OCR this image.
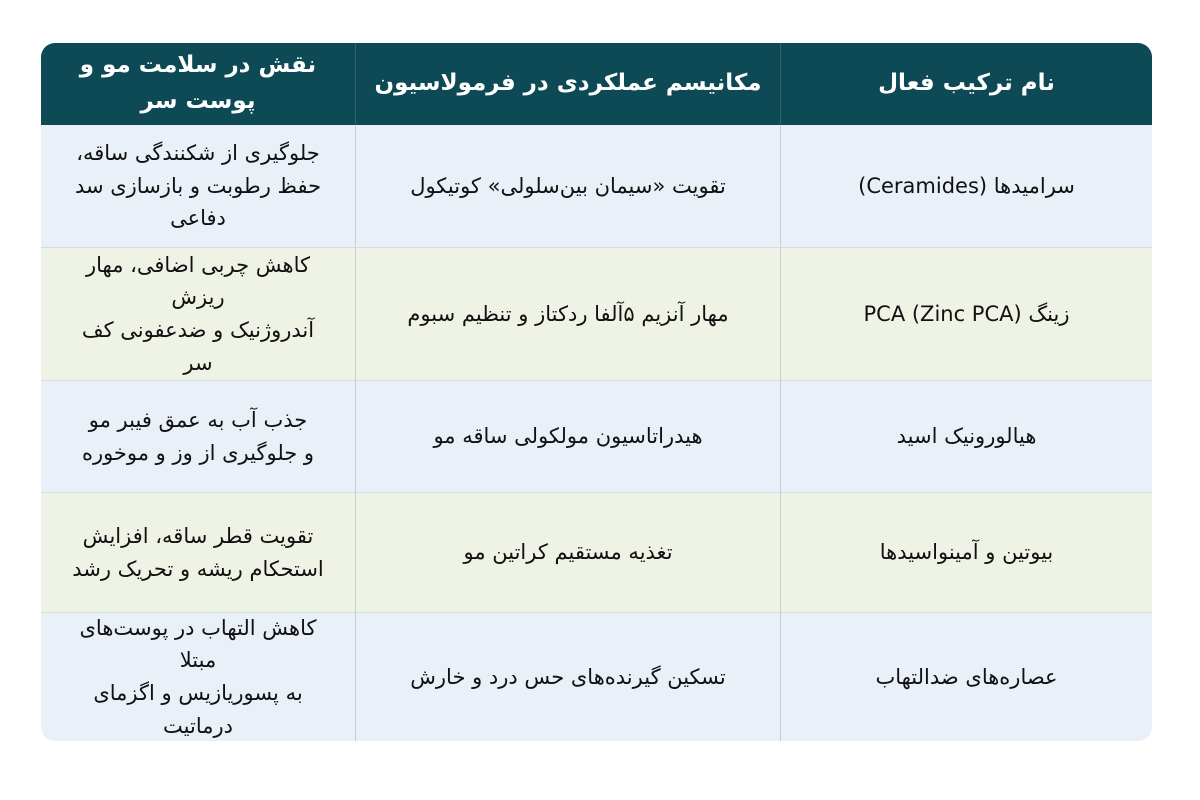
نام ترکیب فعال
مکانیسم عملکردی در فرمولاسیون
نقش در سلامت مو و پوست سر
سرامیدها (Ceramides)
تقویت «سیمان بین‌سلولی» کوتیکول
جلوگیری از شکنندگی ساقه،
حفظ رطوبت و بازسازی سد دفاعی
زینگ PCA (Zinc PCA)
مهار آنزیم ۵آلفا ردکتاز و تنظیم سبوم
کاهش چربی اضافی، مهار ریزش
آندروژنیک و ضدعفونی کف سر
هیالورونیک اسید
هیدراتاسیون مولکولی ساقه مو
جذب آب به عمق فیبر مو
و جلوگیری از وز و موخوره
بیوتین و آمینواسیدها
تغذیه مستقیم کراتین مو
تقویت قطر ساقه، افزایش
استحکام ریشه و تحریک رشد
عصاره‌های ضدالتهاب
تسکین گیرنده‌های حس درد و خارش
کاهش التهاب در پوست‌های مبتلا
به پسوریازیس و اگزمای درماتیت
